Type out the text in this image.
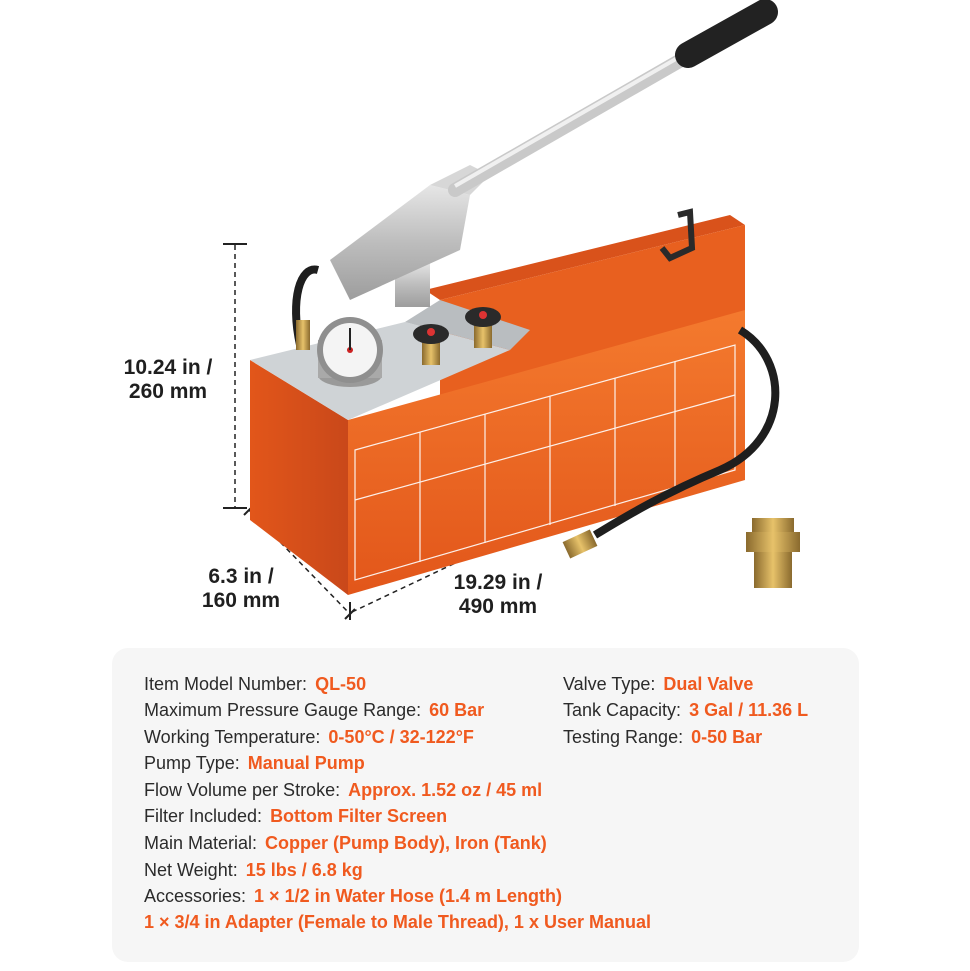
10.24 in /
260 mm
6.3 in /
160 mm
19.29 in /
490 mm
Item Model Number: QL-50
Maximum Pressure Gauge Range: 60 Bar
Working Temperature: 0-50°C / 32-122°F
Pump Type: Manual Pump
Flow Volume per Stroke: Approx. 1.52 oz / 45 ml
Filter Included: Bottom Filter Screen
Main Material: Copper (Pump Body), Iron (Tank)
Net Weight: 15 lbs / 6.8 kg
Accessories: 1 × 1/2 in Water Hose (1.4 m Length)
1 × 3/4 in Adapter (Female to Male Thread), 1 x User Manual
Valve Type: Dual Valve
Tank Capacity: 3 Gal / 11.36 L
Testing Range: 0-50 Bar
